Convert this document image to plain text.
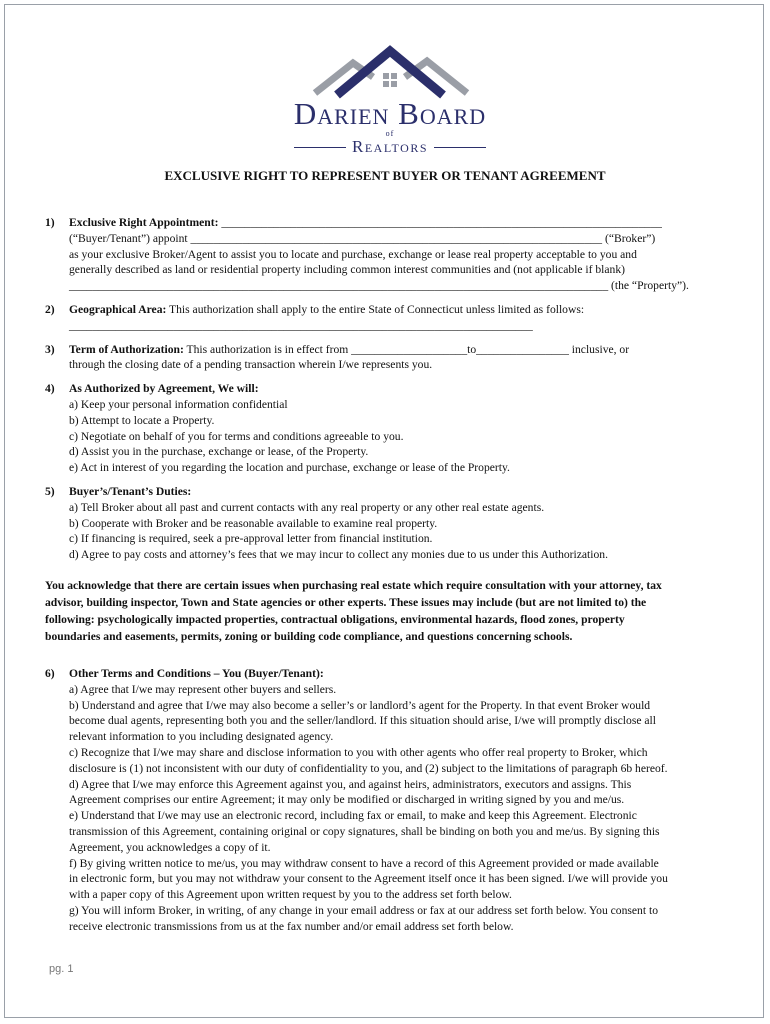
Darien Board
of
Realtors
EXCLUSIVE RIGHT TO REPRESENT BUYER OR TENANT AGREEMENT
1) Exclusive Right Appointment: ____________________________________________________________________________

(“Buyer/Tenant”) appoint _______________________________________________________________________ (“Broker”)

as your exclusive Broker/Agent to assist you to locate and purchase, exchange or lease real property acceptable to you and

generally described as land or residential property including common interest communities and (not applicable if blank)

_____________________________________________________________________________________________ (the “Property”).

2) Geographical Area: This authorization shall apply to the entire State of Connecticut unless limited as follows:

________________________________________________________________________________

3) Term of Authorization: This authorization is in effect from ____________________to________________ inclusive, or

through the closing date of a pending transaction wherein I/we represents you.

4) As Authorized by Agreement, We will:

a) Keep your personal information confidential

b) Attempt to locate a Property.

c) Negotiate on behalf of you for terms and conditions agreeable to you.

d) Assist you in the purchase, exchange or lease, of the Property.

e) Act in interest of you regarding the location and purchase, exchange or lease of the Property.

5) Buyer’s/Tenant’s Duties:

a) Tell Broker about all past and current contacts with any real property or any other real estate agents.

b) Cooperate with Broker and be reasonable available to examine real property.

c) If financing is required, seek a pre-approval letter from financial institution.

d) Agree to pay costs and attorney’s fees that we may incur to collect any monies due to us under this Authorization.

You acknowledge that there are certain issues when purchasing real estate which require consultation with your attorney, tax
advisor, building inspector, Town and State agencies or other experts. These issues may include (but are not limited to) the
following: psychologically impacted properties, contractual obligations, environmental hazards, flood zones, property
boundaries and easements, permits, zoning or building code compliance, and questions concerning schools.
6) Other Terms and Conditions – You (Buyer/Tenant):

a) Agree that I/we may represent other buyers and sellers.

b) Understand and agree that I/we may also become a seller’s or landlord’s agent for the Property. In that event Broker would

become dual agents, representing both you and the seller/landlord. If this situation should arise, I/we will promptly disclose all

relevant information to you including designated agency.

c) Recognize that I/we may share and disclose information to you with other agents who offer real property to Broker, which

disclosure is (1) not inconsistent with our duty of confidentiality to you, and (2) subject to the limitations of paragraph 6b hereof.

d) Agree that I/we may enforce this Agreement against you, and against heirs, administrators, executors and assigns. This

Agreement comprises our entire Agreement; it may only be modified or discharged in writing signed by you and me/us.

e) Understand that I/we may use an electronic record, including fax or email, to make and keep this Agreement. Electronic

transmission of this Agreement, containing original or copy signatures, shall be binding on both you and me/us. By signing this

Agreement, you acknowledges a copy of it.

f) By giving written notice to me/us, you may withdraw consent to have a record of this Agreement provided or made available

in electronic form, but you may not withdraw your consent to the Agreement itself once it has been signed. I/we will provide you

with a paper copy of this Agreement upon written request by you to the address set forth below.

g) You will inform Broker, in writing, of any change in your email address or fax at our address set forth below. You consent to

receive electronic transmissions from us at the fax number and/or email address set forth below.

pg. 1
